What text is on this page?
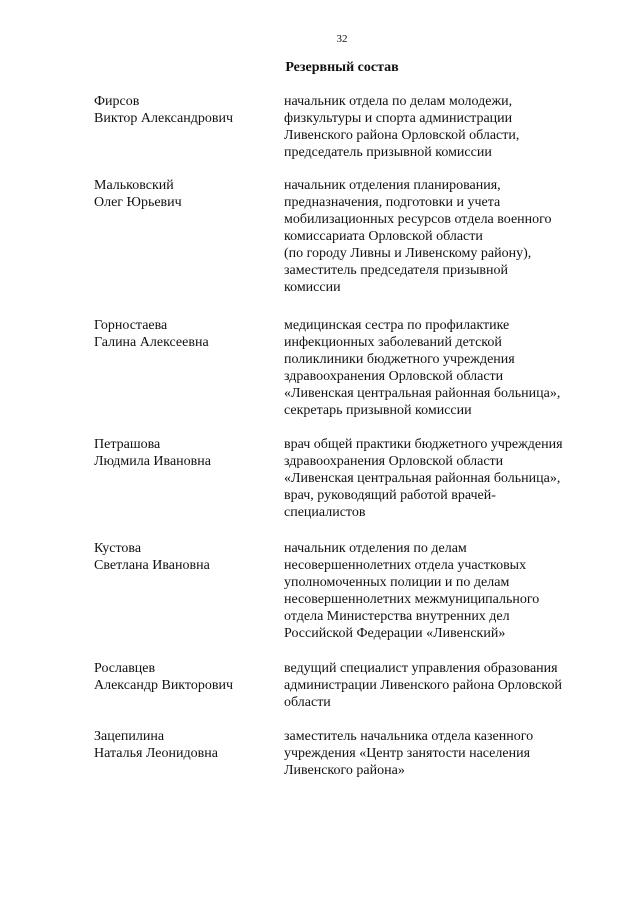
32
Резервный состав
Фирсов
Виктор Александрович
начальник отдела по делам молодежи,
физкультуры и спорта администрации
Ливенского района Орловской области,
председатель призывной комиссии
Мальковский
Олег Юрьевич
начальник отделения планирования,
предназначения, подготовки и учета
мобилизационных ресурсов отдела военного
комиссариата Орловской области
(по городу Ливны и Ливенскому району),
заместитель председателя призывной
комиссии
Горностаева
Галина Алексеевна
медицинская сестра по профилактике
инфекционных заболеваний детской
поликлиники бюджетного учреждения
здравоохранения Орловской области
«Ливенская центральная районная больница»,
секретарь призывной комиссии
Петрашова
Людмила Ивановна
врач общей практики бюджетного учреждения
здравоохранения Орловской области
«Ливенская центральная районная больница»,
врач, руководящий работой врачей-
специалистов
Кустова
Светлана Ивановна
начальник отделения по делам
несовершеннолетних отдела участковых
уполномоченных полиции и по делам
несовершеннолетних межмуниципального
отдела Министерства внутренних дел
Российской Федерации «Ливенский»
Рославцев
Александр Викторович
ведущий специалист управления образования
администрации Ливенского района Орловской
области
Зацепилина
Наталья Леонидовна
заместитель начальника отдела казенного
учреждения «Центр занятости населения
Ливенского района»
